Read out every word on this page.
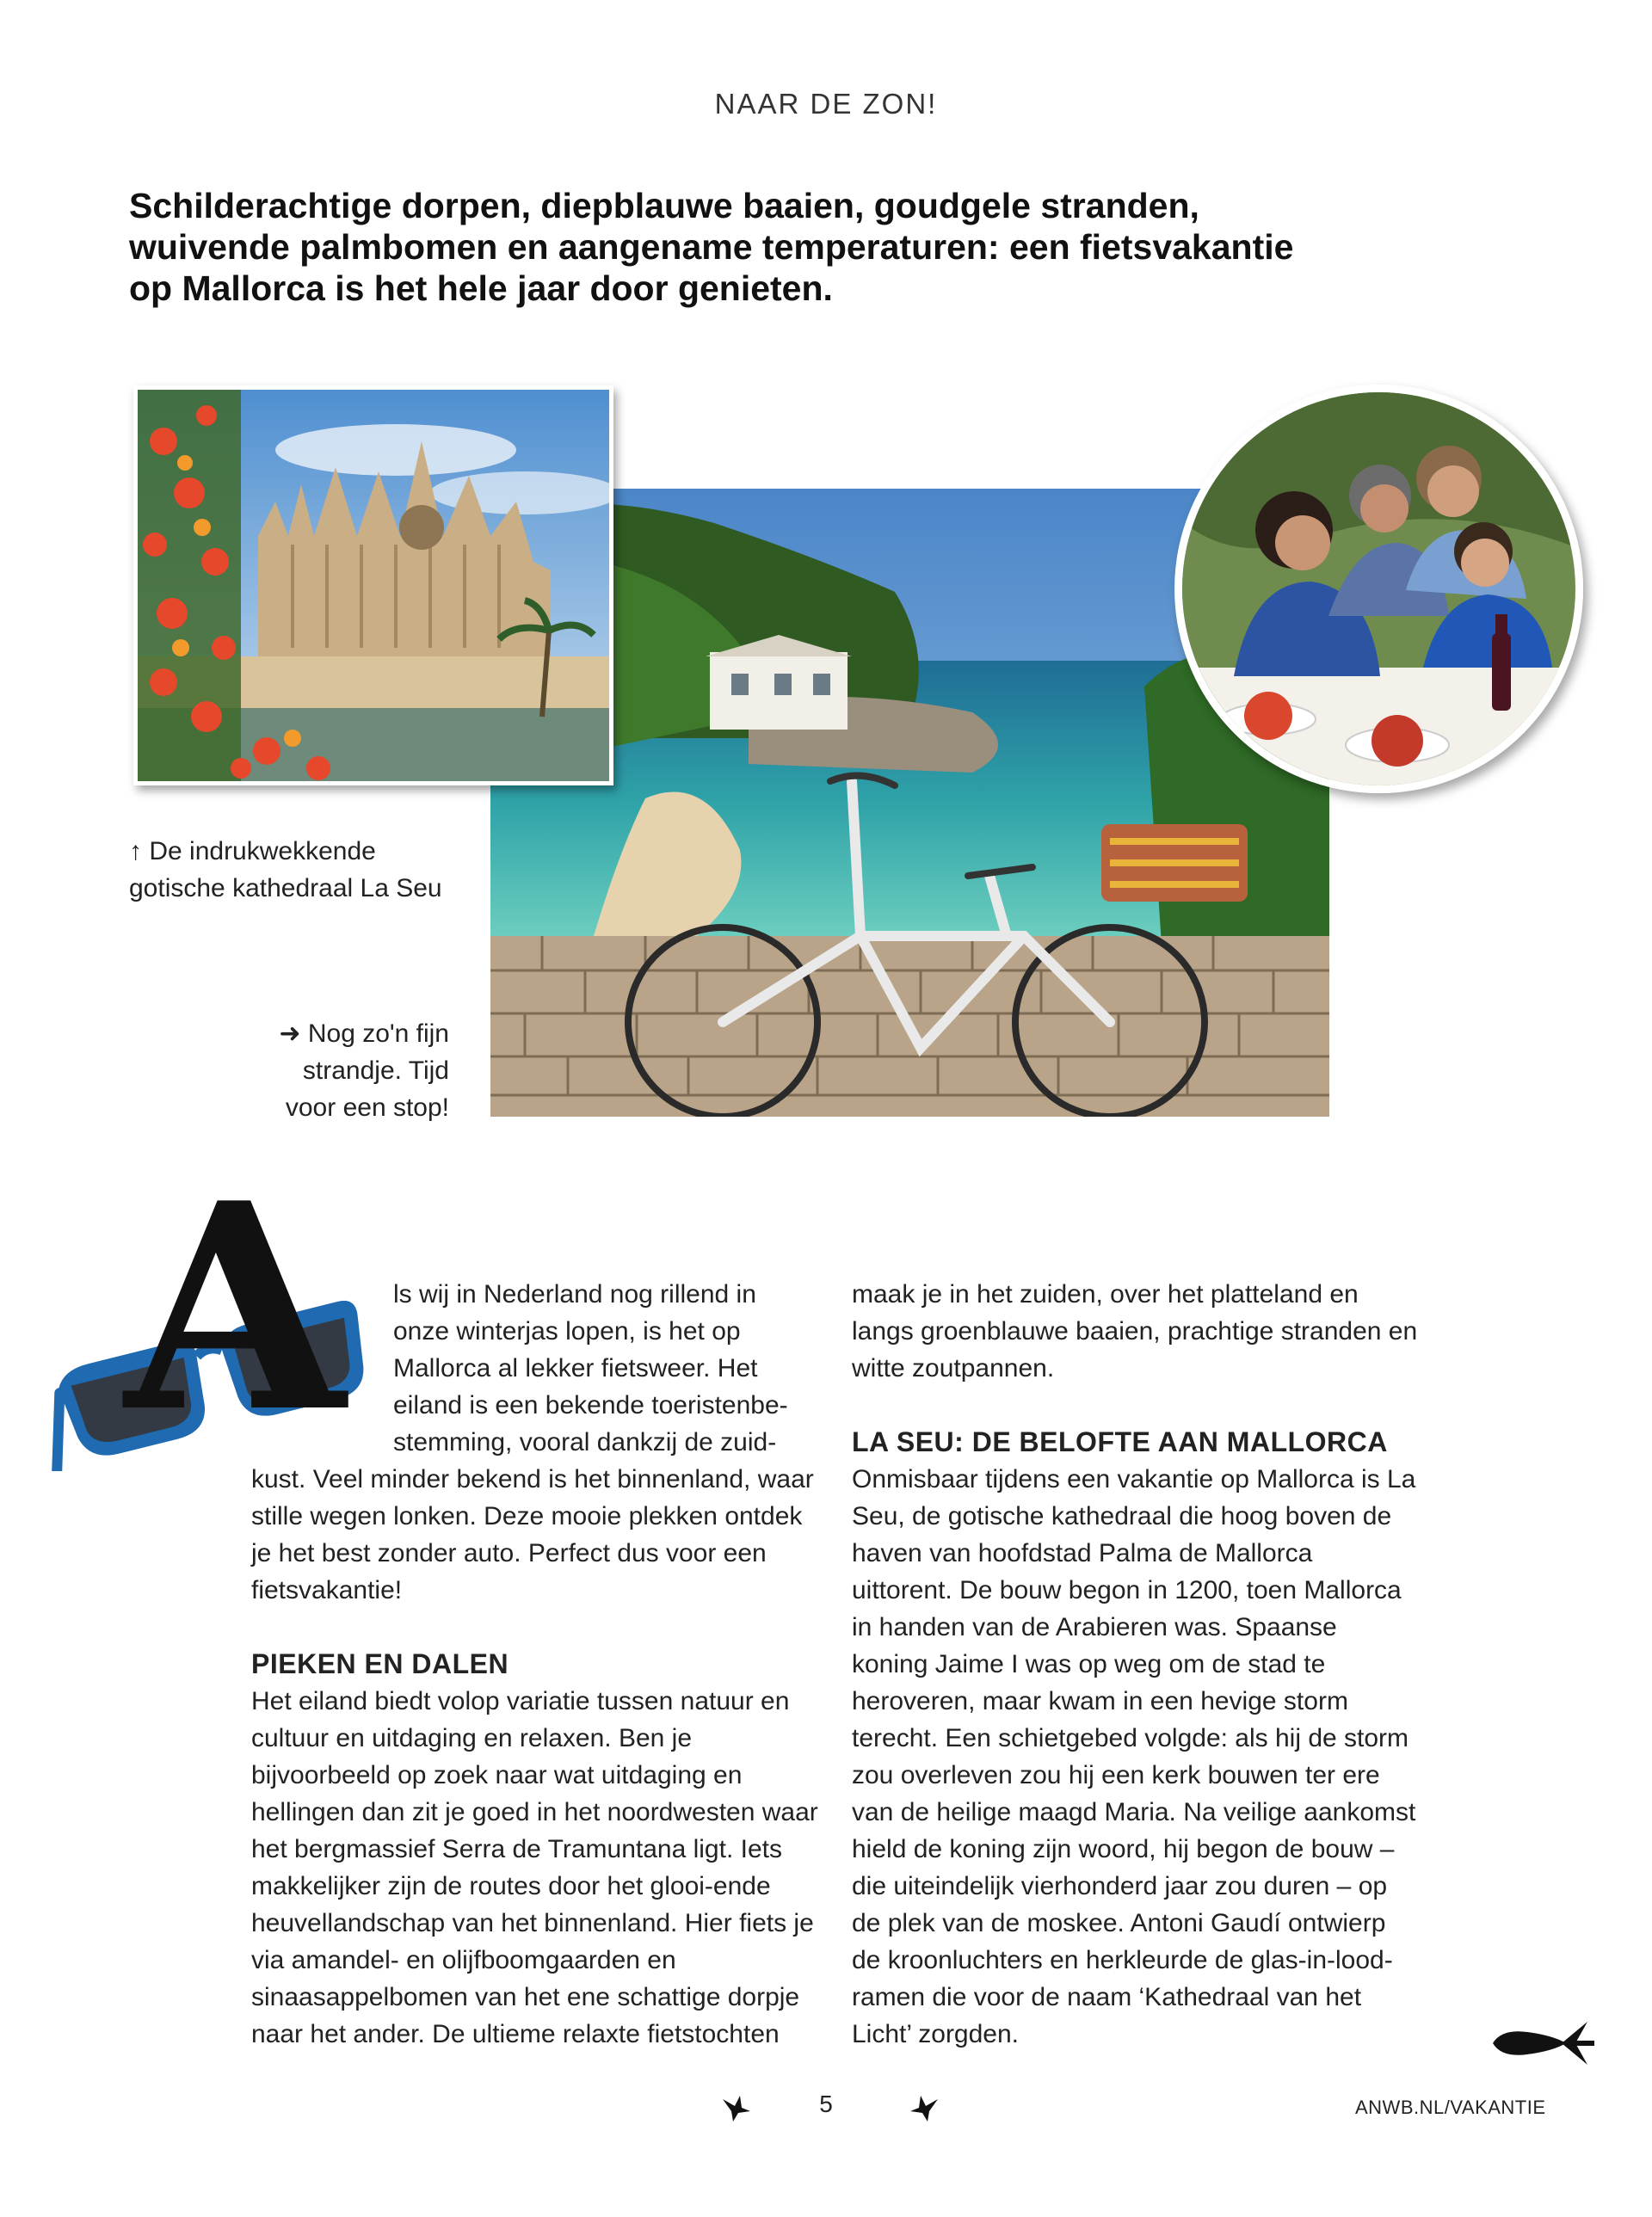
NAAR DE ZON!
Schilderachtige dorpen, diepblauwe baaien, goudgele stranden, wuivende palmbomen en aangename temperaturen: een fietsvakantie op Mallorca is het hele jaar door genieten.
↑ De indrukwekkende
gotische kathedraal La Seu
➜ Nog zo'n fijn
strandje. Tijd
voor een stop!
A ls wij in Nederland nog rillend in
onze winterjas lopen, is het op
Mallorca al lekker fietsweer. Het
eiland is een bekende toeristenbe-
stemming, vooral dankzij de zuid-

kust. Veel minder bekend is het binnenland, waar stille wegen lonken. Deze mooie plekken ontdek je het best zonder auto. Perfect dus voor een fietsvakantie!

PIEKEN EN DALEN

Het eiland biedt volop variatie tussen natuur en cultuur en uitdaging en relaxen. Ben je bijvoorbeeld op zoek naar wat uitdaging en hellingen dan zit je goed in het noordwesten waar het bergmassief Serra de Tramuntana ligt. Iets makkelijker zijn de routes door het glooi-ende heuvellandschap van het binnenland. Hier fiets je via amandel- en olijfboomgaarden en sinaasappelbomen van het ene schattige dorpje naar het ander. De ultieme relaxte fietstochten

maak je in het zuiden, over het platteland en langs groenblauwe baaien, prachtige stranden en witte zoutpannen.

LA SEU: DE BELOFTE AAN MALLORCA

Onmisbaar tijdens een vakantie op Mallorca is La Seu, de gotische kathedraal die hoog boven de haven van hoofdstad Palma de Mallorca uittorent. De bouw begon in 1200, toen Mallorca in handen van de Arabieren was. Spaanse koning Jaime I was op weg om de stad te heroveren, maar kwam in een hevige storm terecht. Een schietgebed volgde: als hij de storm zou overleven zou hij een kerk bouwen ter ere van de heilige maagd Maria. Na veilige aankomst hield de koning zijn woord, hij begon de bouw – die uiteindelijk vierhonderd jaar zou duren – op de plek van de moskee. Antoni Gaudí ontwierp de kroonluchters en herkleurde de glas-in-lood-ramen die voor de naam ‘Kathedraal van het Licht’ zorgden.

5	ANWB.NL/VAKANTIE
